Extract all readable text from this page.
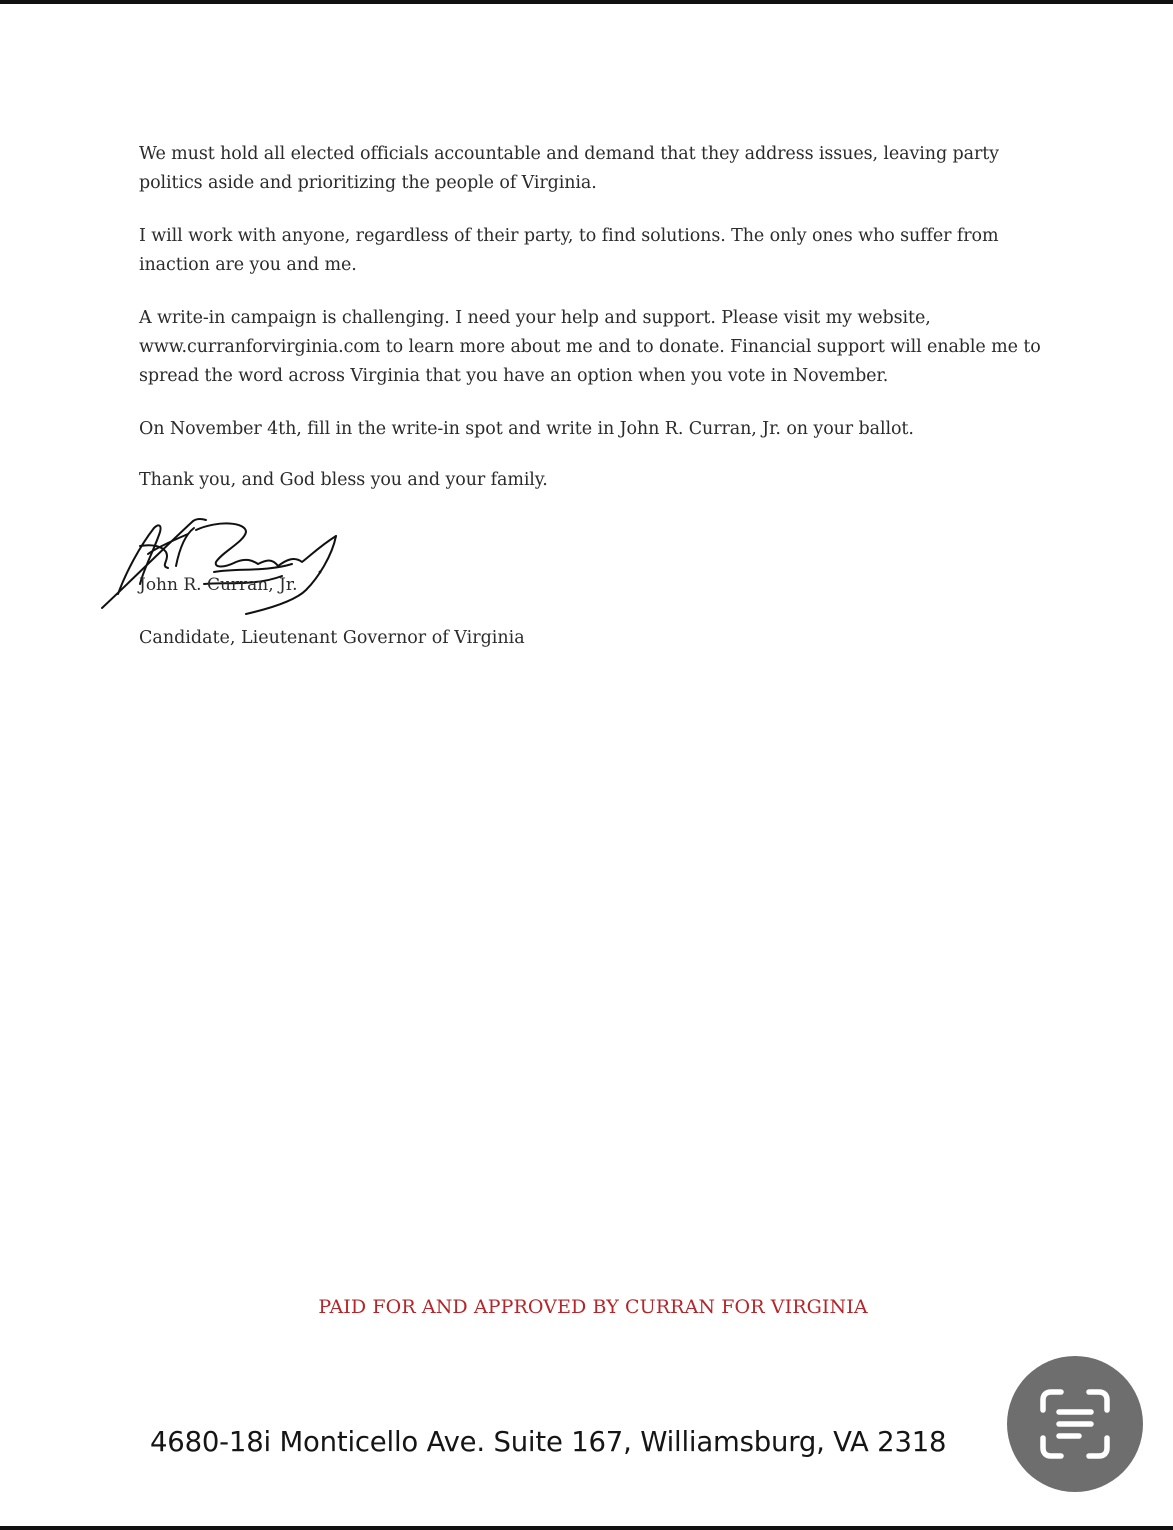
We must hold all elected officials accountable and demand that they address issues, leaving party politics aside and prioritizing the people of Virginia.

I will work with anyone, regardless of their party, to find solutions. The only ones who suffer from inaction are you and me.

A write-in campaign is challenging. I need your help and support. Please visit my website, www.curranforvirginia.com to learn more about me and to donate. Financial support will enable me to spread the word across Virginia that you have an option when you vote in November.

On November 4th, fill in the write-in spot and write in John R. Curran, Jr. on your ballot.

Thank you, and God bless you and your family.

John R. Curran, Jr.
Candidate, Lieutenant Governor of Virginia
PAID FOR AND APPROVED BY CURRAN FOR VIRGINIA
4680-18i Monticello Ave. Suite 167, Williamsburg, VA 2318
